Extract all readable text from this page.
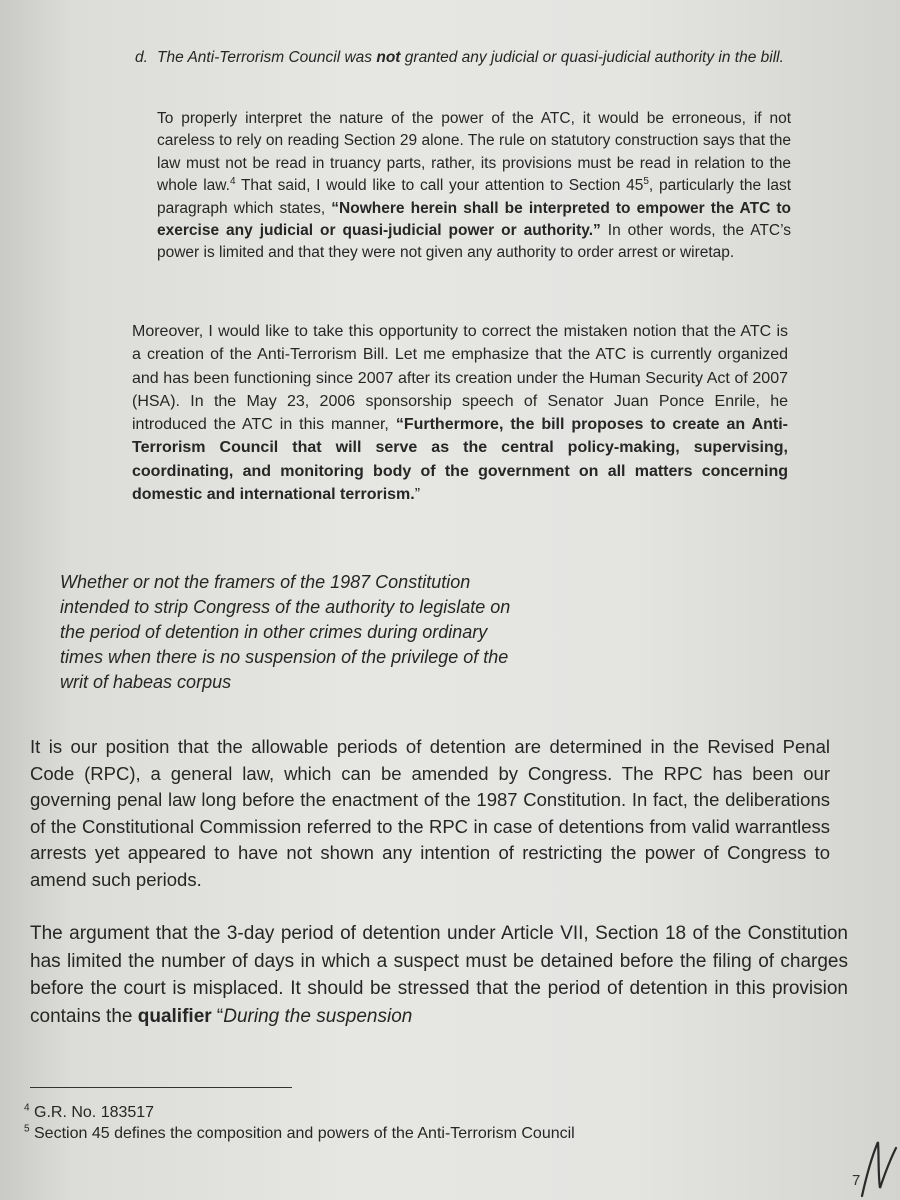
d. The Anti-Terrorism Council was not granted any judicial or quasi-judicial authority in the bill.

To properly interpret the nature of the power of the ATC, it would be erroneous, if not careless to rely on reading Section 29 alone. The rule on statutory construction says that the law must not be read in truancy parts, rather, its provisions must be read in relation to the whole law.$^4$ That said, I would like to call your attention to Section $45^5$, particularly the last paragraph which states, “Nowhere herein shall be interpreted to empower the ATC to exercise any judicial or quasi-judicial power or authority.” In other words, the ATC’s power is limited and that they were not given any authority to order arrest or wiretap.

Moreover, I would like to take this opportunity to correct the mistaken notion that the ATC is a creation of the Anti-Terrorism Bill. Let me emphasize that the ATC is currently organized and has been functioning since 2007 after its creation under the Human Security Act of 2007 (HSA). In the May 23, 2006 sponsorship speech of Senator Juan Ponce Enrile, he introduced the ATC in this manner, “Furthermore, the bill proposes to create an Anti-Terrorism Council that will serve as the central policy-making, supervising, coordinating, and monitoring body of the government on all matters concerning domestic and international terrorism.”

Whether or not the framers of the 1987 Constitution intended to strip Congress of the authority to legislate on the period of detention in other crimes during ordinary times when there is no suspension of the privilege of the writ of habeas corpus

It is our position that the allowable periods of detention are determined in the Revised Penal Code (RPC), a general law, which can be amended by Congress. The RPC has been our governing penal law long before the enactment of the 1987 Constitution. In fact, the deliberations of the Constitutional Commission referred to the RPC in case of detentions from valid warrantless arrests yet appeared to have not shown any intention of restricting the power of Congress to amend such periods.

The argument that the 3-day period of detention under Article VII, Section 18 of the Constitution has limited the number of days in which a suspect must be detained before the filing of charges before the court is misplaced. It should be stressed that the period of detention in this provision contains the qualifier “During the suspension

$^4$ G.R. No. 183517
$^5$ Section 45 defines the composition and powers of the Anti-Terrorism Council
7
